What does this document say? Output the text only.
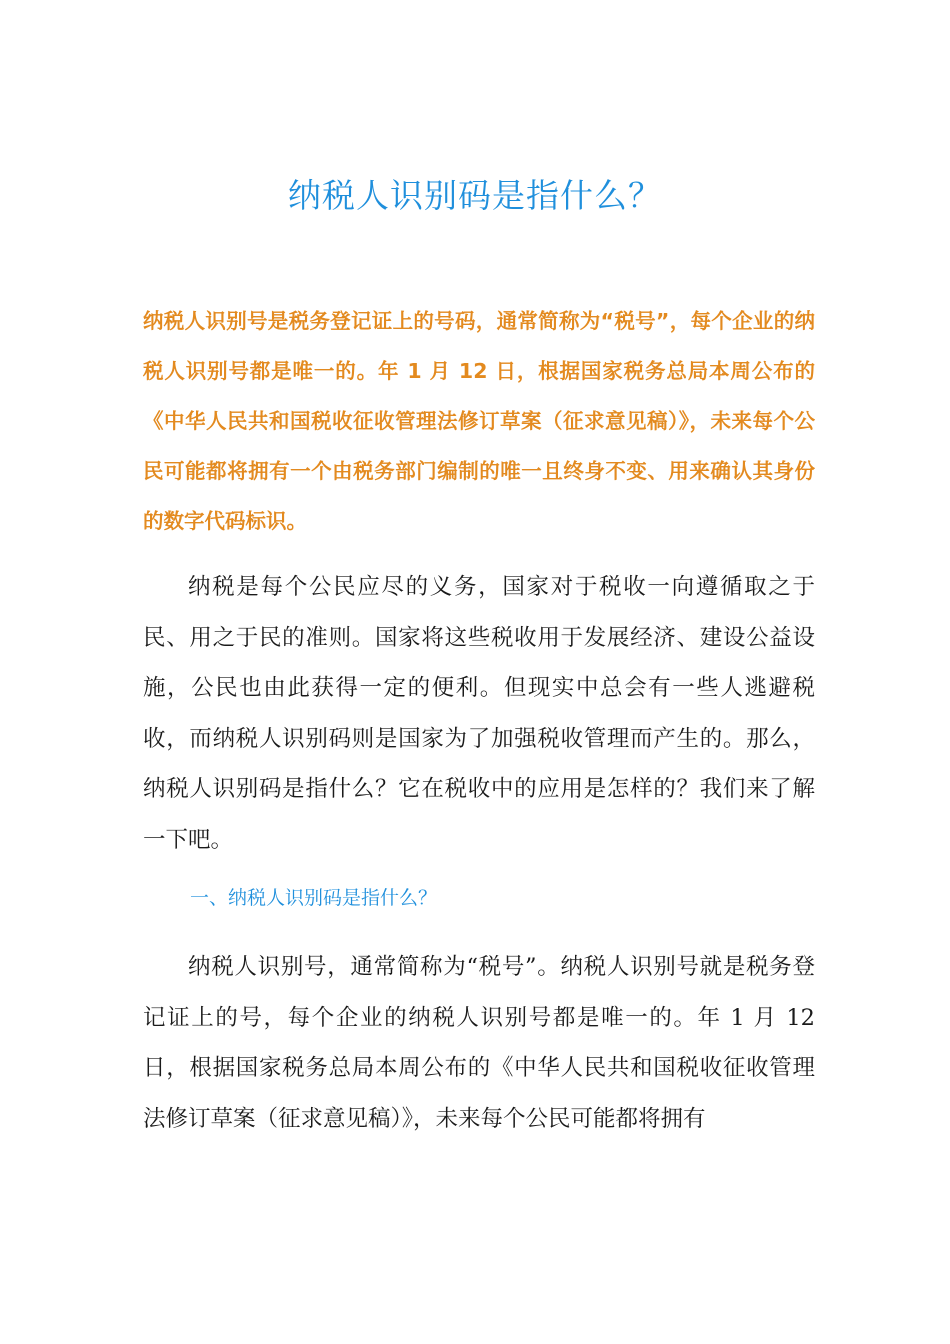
纳税人识别码是指什么？

纳税人识别号是税务登记证上的号码，通常简称为“税号”，每个企业的纳税人识别号都是唯一的。年 1 月 12 日，根据国家税务总局本周公布的《中华人民共和国税收征收管理法修订草案（征求意见稿）》，未来每个公民可能都将拥有一个由税务部门编制的唯一且终身不变、用来确认其身份的数字代码标识。

纳税是每个公民应尽的义务，国家对于税收一向遵循取之于民、用之于民的准则。国家将这些税收用于发展经济、建设公益设施，公民也由此获得一定的便利。但现实中总会有一些人逃避税收，而纳税人识别码则是国家为了加强税收管理而产生的。那么，纳税人识别码是指什么？它在税收中的应用是怎样的？我们来了解一下吧。

一、纳税人识别码是指什么？

纳税人识别号，通常简称为“税号”。纳税人识别号就是税务登记证上的号，每个企业的纳税人识别号都是唯一的。年 1 月 12 日，根据国家税务总局本周公布的《中华人民共和国税收征收管理法修订草案（征求意见稿）》，未来每个公民可能都将拥有
